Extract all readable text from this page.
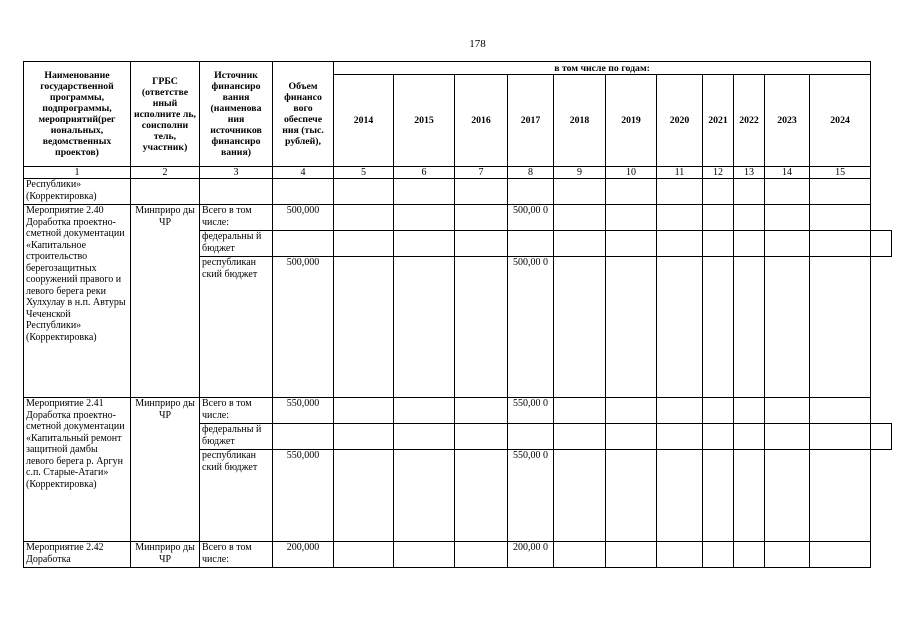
178
Наименование государственной программы, подпрограммы, мероприятий(рег иональных, ведомственных проектов)	ГРБС (ответстве нный исполните ль, соисполни тель, участник)	Источник финансиро вания (наименова ния источников финансиро вания)	Объем финансо вого обеспече ния (тыс. рублей),	в том числе по годам:											
				2014	2015	2016	2017	2018	2019	2020	2021	2022	2023	2024	
1	2	3	4	5	6	7	8	9	10	11	12	13	14	15	
Республики» (Корректировка)															
Мероприятие 2.40 Доработка проектно-сметной документации «Капитальное строительство берегозащитных сооружений правого и левого берега реки Хулхулау в н.п. Автуры Чеченской Республики» (Корректировка)	Минприро ды ЧР	Всего в том числе:	500,000				500,00 0								
		федеральны й бюджет													
		республикан ский бюджет	500,000				500,00 0								
Мероприятие 2.41 Доработка проектно-сметной документации «Капитальный ремонт защитной дамбы левого берега р. Аргун с.п. Старые-Атаги» (Корректировка)	Минприро ды ЧР	Всего в том числе:	550,000				550,00 0								
		федеральны й бюджет													
		республикан ский бюджет	550,000				550,00 0								
Мероприятие 2.42 Доработка	Минприро ды ЧР	Всего в том числе:	200,000				200,00 0								
